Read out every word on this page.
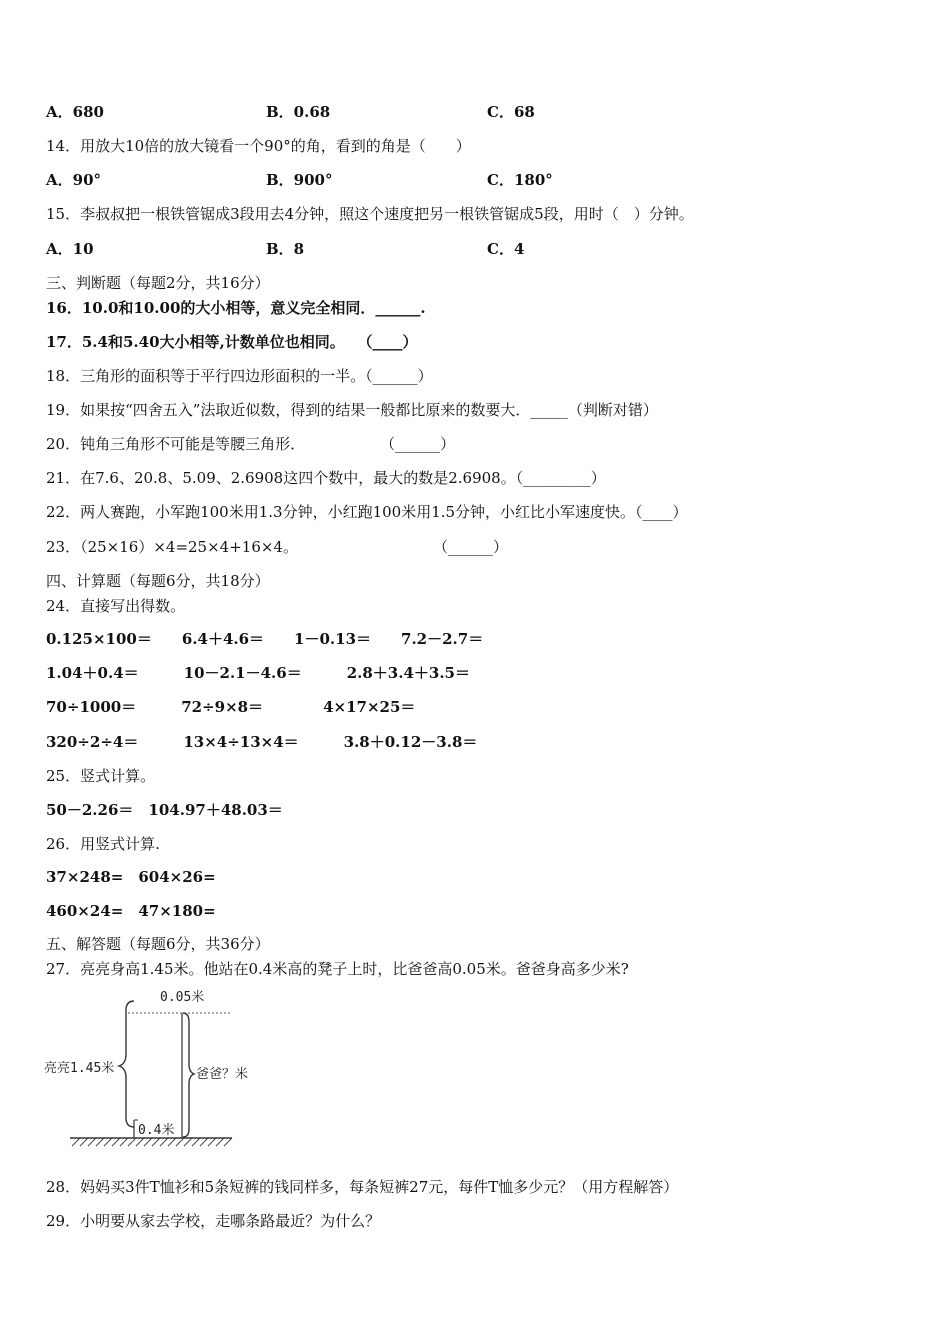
A．680	B．0.68	C．68
14．用放大10倍的放大镜看一个90°的角，看到的角是（　　）
A．90°	B．900°	C．180°
15．李叔叔把一根铁管锯成3段用去4分钟，照这个速度把另一根铁管锯成5段，用时（　）分钟。
A．10	B．8	C．4
三、判断题（每题2分，共16分）
16．10.0和10.00的大小相等，意义完全相同．______.
17．5.4和5.40大小相等,计数单位也相同。　 （____）
18．三角形的面积等于平行四边形面积的一半。（______）
19．如果按“四舍五入”法取近似数，得到的结果一般都比原来的数要大．_____（判断对错）
20．钝角三角形不可能是等腰三角形．　　　　　　（______）
21．在7.6、20.8、5.09、2.6908这四个数中，最大的数是2.6908。（_________）
22．两人赛跑，小军跑100米用1.3分钟，小红跑100米用1.5分钟，小红比小军速度快。（____）
23．（25×16）×4=25×4+16×4。　　　　　　　　　　（______）
四、计算题（每题6分，共18分）
24．直接写出得数。
0.125×100＝　　6.4＋4.6＝　　1－0.13＝　　7.2－2.7＝
1.04＋0.4＝　　　10－2.1－4.6＝　　　2.8＋3.4＋3.5＝
70÷1000＝　　　72÷9×8＝　　　　4×17×25＝
320÷2÷4＝　　　13×4÷13×4＝　　　3.8＋0.12－3.8＝
25．竖式计算。
50－2.26＝　104.97＋48.03＝
26．用竖式计算.
37×248=　604×26=
460×24=　47×180=
五、解答题（每题6分，共36分）
27．亮亮身高1.45米。他站在0.4米高的凳子上时，比爸爸高0.05米。爸爸身高多少米?
0.05米
亮亮1.45米	爸爸？米
0.4米
28．妈妈买3件T恤衫和5条短裤的钱同样多，每条短裤27元，每件T恤多少元？（用方程解答）
29．小明要从家去学校，走哪条路最近？为什么？
